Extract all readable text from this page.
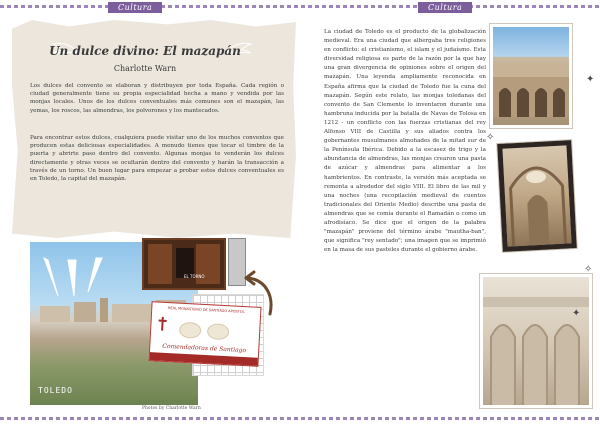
Cultura	Cultura
Un dulce divino: El mazapán
Charlotte Warn

Los dulces del convento se elaboran y distribuyen por toda España. Cada región o ciudad generalmente tiene su propia especialidad hecha a mano y vendida por las monjas locales. Unos de los dulces conventuales más comunes son el mazapán, las yemas, los roscos, las almendras, los polvorones y los mantecados.

Para encontrar estos dulces, cualquiera puede visitar uno de los muchos conventos que producen estas deliciosas especialidades. A menudo tienes que tocar el timbre de la puerta y abrirte paso dentro del convento. Algunas monjas te venderán los dulces directamente y otras veces se ocultarán dentro del convento y harán la transacción a través de un torno. Un buen lugar para empezar a probar estos dulces conventuales es en Toledo, la capital del mazapán.

TOLEDO
EL TORNO
REAL MONASTERIO DE SANTIAGO APOSTOL
Comendadoras de Santiago
Photos by Charlotte Warn

La ciudad de Toledo es el producto de la globalización medieval. Era una ciudad que albergaba tres religiones en conflicto: el cristianismo, el islam y el judaísmo. Esta diversidad religiosa es parte de la razón por la que hay una gran divergencia de opiniones sobre el origen del mazapán. Una leyenda ampliamente reconocida en España afirma que la ciudad de Toledo fue la cuna del mazapán. Según este relato, las monjas toledanas del convento de San Clemente lo inventaron durante una hambruna inducida por la batalla de Navas de Tolosa en 1212 - un conflicto con las fuerzas cristianas del rey Alfonso VIII de Castilla y sus aliados contra los gobernantes musulmanes almohades de la mitad sur de la Península Ibérica. Debido a la escasez de trigo y la abundancia de almendras, las monjas crearon una pasta de azúcar y almendras para alimentar a los hambrientos. En contraste, la versión más aceptada se remonta a alrededor del siglo VIII. El libro de las mil y una noches (una recopilación medieval de cuentos tradicionales del Oriente Medio) describe una pasta de almendras que se comía durante el Ramadán o como un afrodisíaco. Se dice que el origen de la palabra "mazapán" proviene del término árabe "mautha-ban", que significa "rey sentado"; una imagen que se imprimió en la masa de sus pasteles durante el gobierno árabe.

✦
✧
✧
✦
